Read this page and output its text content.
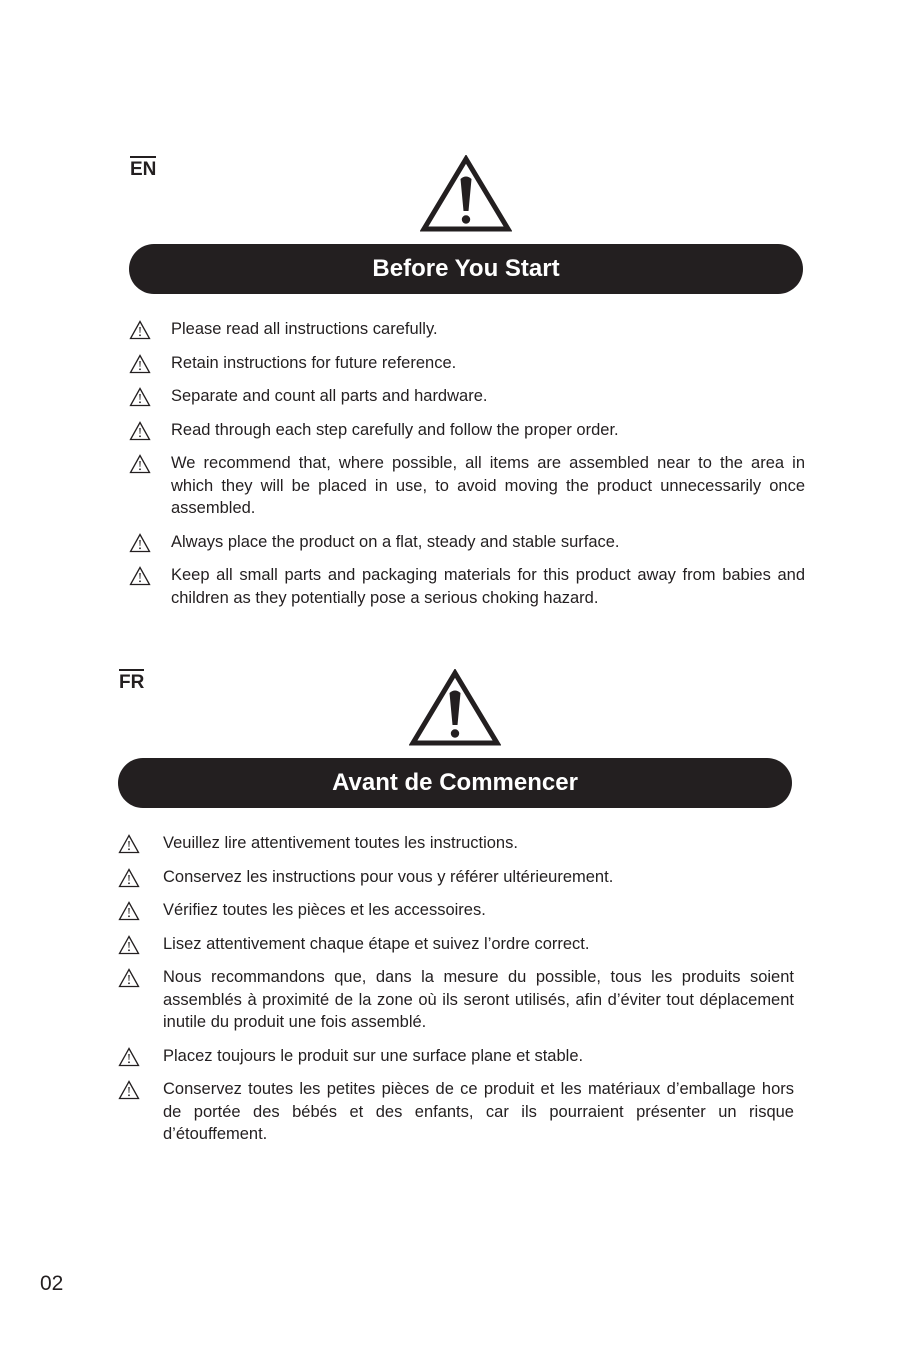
EN
Before You Start
Please read all instructions carefully.
Retain instructions for future reference.
Separate and count all parts and hardware.
Read through each step carefully and follow the proper order.
We recommend that, where possible, all items are assembled near to the area in which they will be placed in use, to avoid moving the product unnecessarily once assembled.
Always place the product on a flat, steady and stable surface.
Keep all small parts and packaging materials for this product away from babies and children as they potentially pose a serious choking hazard.
FR
Avant de Commencer
Veuillez lire attentivement toutes les instructions.
Conservez les instructions pour vous y référer ultérieurement.
Vérifiez toutes les pièces et les accessoires.
Lisez attentivement chaque étape et suivez l’ordre correct.
Nous recommandons que, dans la mesure du possible, tous les produits soient assemblés à proximité de la zone où ils seront utilisés, afin d’éviter tout déplacement inutile du produit une fois assemblé.
Placez toujours le produit sur une surface plane et stable.
Conservez toutes les petites pièces de ce produit et les matériaux d’emballage hors de portée des bébés et des enfants, car ils pourraient présenter un risque d’étouffement.
02
